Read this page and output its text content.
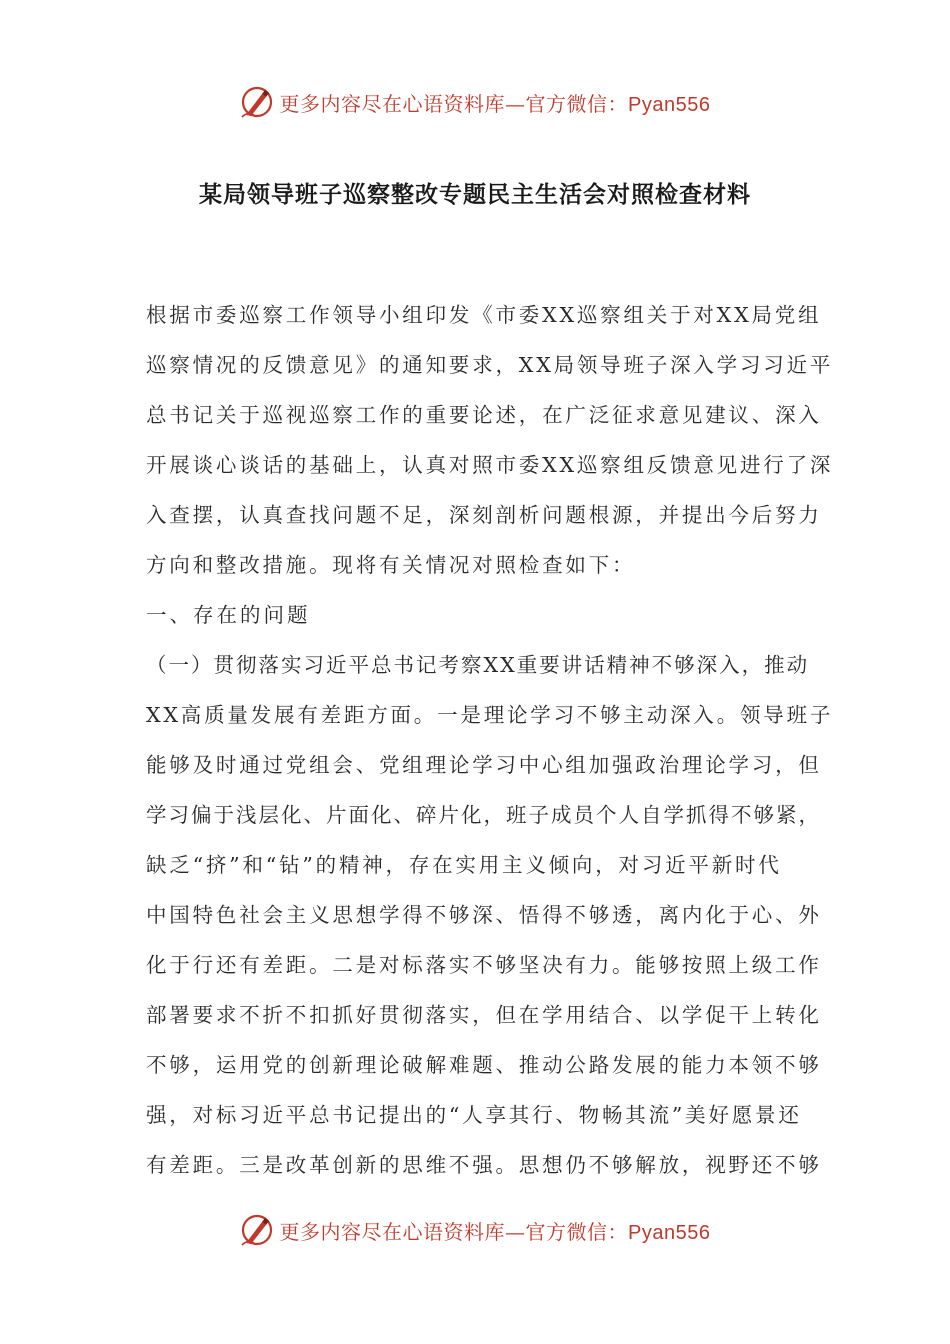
更多内容尽在心语资料库—官方微信：Pyan556
某局领导班子巡察整改专题民主生活会对照检查材料
根据市委巡察工作领导小组印发《市委XX巡察组关于对XX局党组
巡察情况的反馈意见》的通知要求，XX局领导班子深入学习习近平
总书记关于巡视巡察工作的重要论述，在广泛征求意见建议、深入
开展谈心谈话的基础上，认真对照市委XX巡察组反馈意见进行了深
入查摆，认真查找问题不足，深刻剖析问题根源，并提出今后努力
方向和整改措施。现将有关情况对照检查如下：
一、存在的问题
（一）贯彻落实习近平总书记考察XX重要讲话精神不够深入，推动
XX高质量发展有差距方面。一是理论学习不够主动深入。领导班子
能够及时通过党组会、党组理论学习中心组加强政治理论学习，但
学习偏于浅层化、片面化、碎片化，班子成员个人自学抓得不够紧，
缺乏“挤”和“钻”的精神，存在实用主义倾向，对习近平新时代
中国特色社会主义思想学得不够深、悟得不够透，离内化于心、外
化于行还有差距。二是对标落实不够坚决有力。能够按照上级工作
部署要求不折不扣抓好贯彻落实，但在学用结合、以学促干上转化
不够，运用党的创新理论破解难题、推动公路发展的能力本领不够
强，对标习近平总书记提出的“人享其行、物畅其流”美好愿景还
有差距。三是改革创新的思维不强。思想仍不够解放，视野还不够
更多内容尽在心语资料库—官方微信：Pyan556
